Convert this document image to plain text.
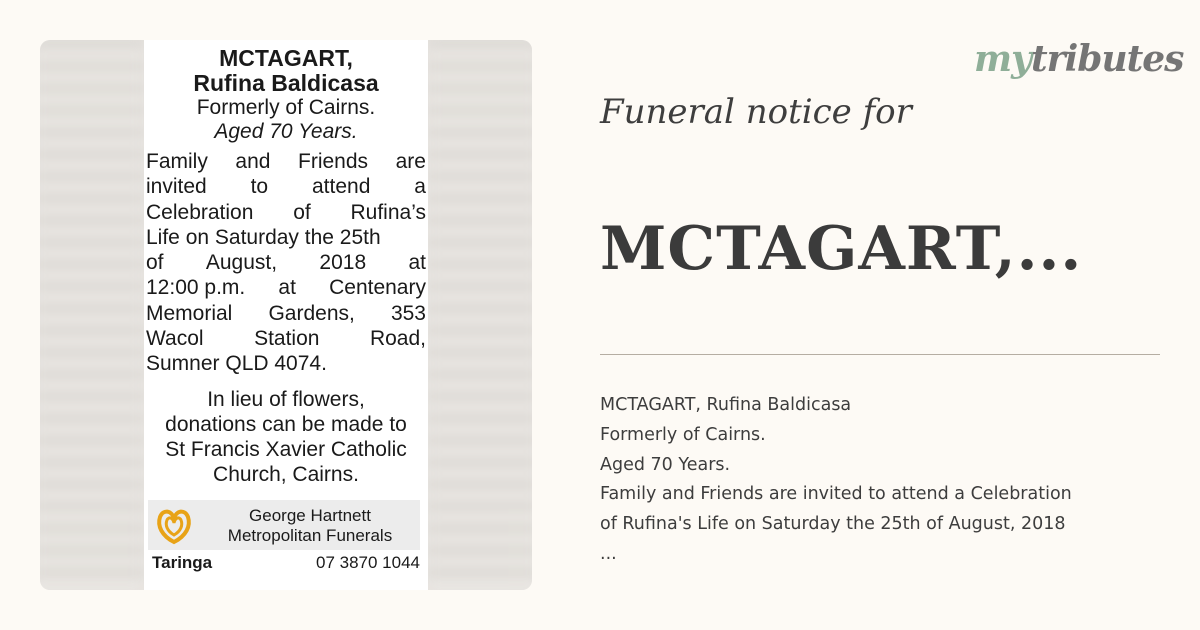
MCTAGART,
Rufina Baldicasa
Formerly of Cairns.
Aged 70 Years.
Family and Friends are
invited to attend a
Celebration of Rufina’s
Life on Saturday the 25th
of August, 2018 at
12:00 p.m. at Centenary
Memorial Gardens, 353
Wacol Station Road,
Sumner QLD 4074.
In lieu of flowers,
donations can be made to
St Francis Xavier Catholic
Church, Cairns.
George Hartnett
Metropolitan Funerals
Taringa	07 3870 1044
mytributes
Funeral notice for
MCTAGART,...
MCTAGART, Rufina Baldicasa
Formerly of Cairns.
Aged 70 Years.
Family and Friends are invited to attend a Celebration
of Rufina's Life on Saturday the 25th of August, 2018
...
